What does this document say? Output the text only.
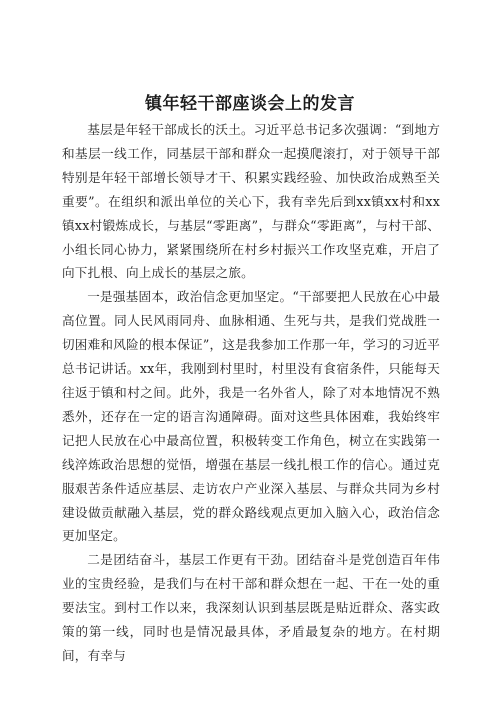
镇年轻干部座谈会上的发言

基层是年轻干部成长的沃土。习近平总书记多次强调：“到地方和基层一线工作，同基层干部和群众一起摸爬滚打，对于领导干部特别是年轻干部增长领导才干、积累实践经验、加快政治成熟至关重要”。在组织和派出单位的关心下，我有幸先后到xx镇xx村和xx镇xx村锻炼成长，与基层“零距离”，与群众“零距离”，与村干部、小组长同心协力，紧紧围绕所在村乡村振兴工作攻坚克难，开启了向下扎根、向上成长的基层之旅。

一是强基固本，政治信念更加坚定。“干部要把人民放在心中最高位置。同人民风雨同舟、血脉相通、生死与共，是我们党战胜一切困难和风险的根本保证”，这是我参加工作那一年，学习的习近平总书记讲话。xx年，我刚到村里时，村里没有食宿条件，只能每天往返于镇和村之间。此外，我是一名外省人，除了对本地情况不熟悉外，还存在一定的语言沟通障碍。面对这些具体困难，我始终牢记把人民放在心中最高位置，积极转变工作角色，树立在实践第一线淬炼政治思想的觉悟，增强在基层一线扎根工作的信心。通过克服艰苦条件适应基层、走访农户产业深入基层、与群众共同为乡村建设做贡献融入基层，党的群众路线观点更加入脑入心，政治信念更加坚定。

二是团结奋斗，基层工作更有干劲。团结奋斗是党创造百年伟业的宝贵经验，是我们与在村干部和群众想在一起、干在一处的重要法宝。到村工作以来，我深刻认识到基层既是贴近群众、落实政策的第一线，同时也是情况最具体，矛盾最复杂的地方。在村期间，有幸与
